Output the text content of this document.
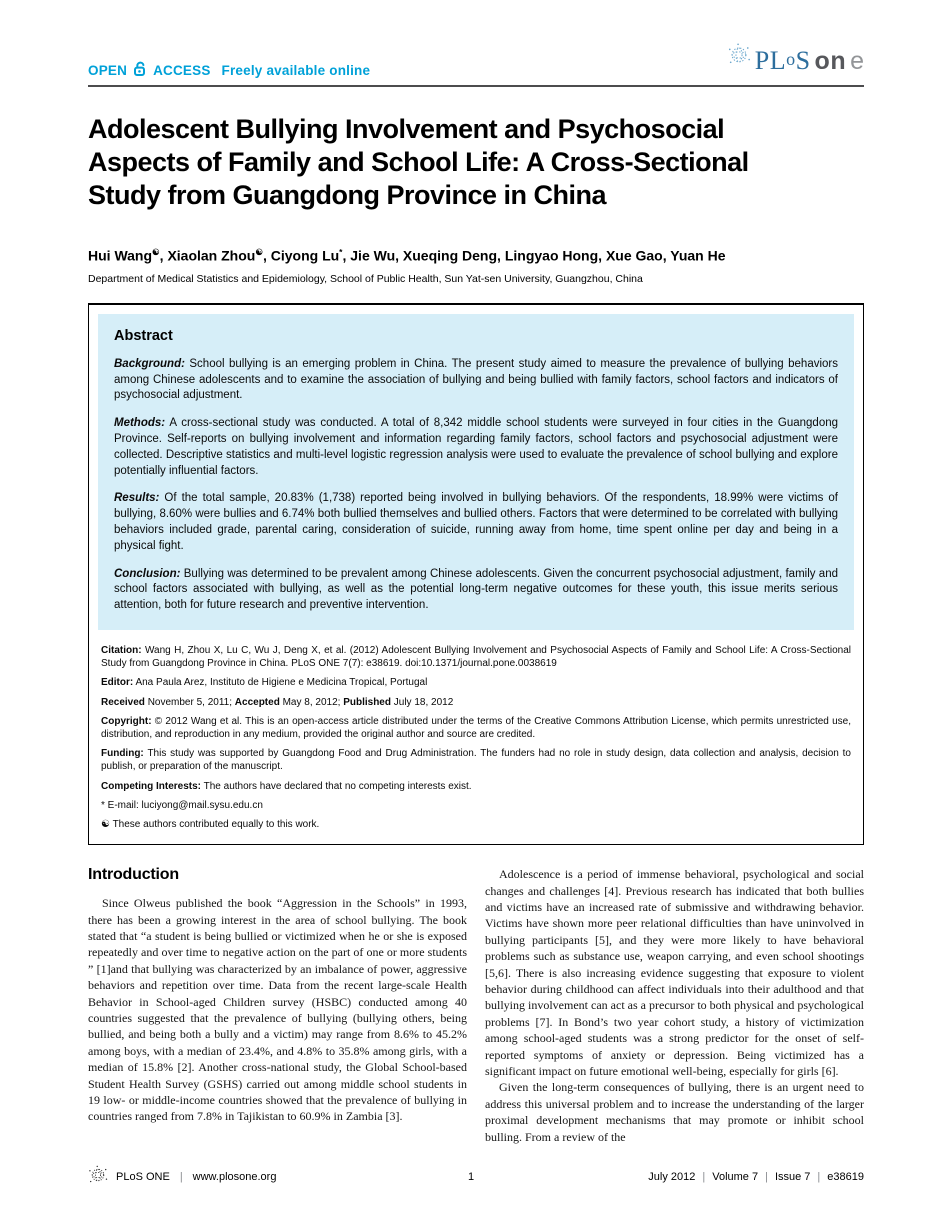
OPEN ACCESS Freely available online	PLoS on e
Adolescent Bullying Involvement and Psychosocial
Aspects of Family and School Life: A Cross-Sectional
Study from Guangdong Province in China
Hui Wang☯, Xiaolan Zhou☯, Ciyong Lu*, Jie Wu, Xueqing Deng, Lingyao Hong, Xue Gao, Yuan He
Department of Medical Statistics and Epidemiology, School of Public Health, Sun Yat-sen University, Guangzhou, China
Abstract

Background: School bullying is an emerging problem in China. The present study aimed to measure the prevalence of bullying behaviors among Chinese adolescents and to examine the association of bullying and being bullied with family factors, school factors and indicators of psychosocial adjustment.

Methods: A cross-sectional study was conducted. A total of 8,342 middle school students were surveyed in four cities in the Guangdong Province. Self-reports on bullying involvement and information regarding family factors, school factors and psychosocial adjustment were collected. Descriptive statistics and multi-level logistic regression analysis were used to evaluate the prevalence of school bullying and explore potentially influential factors.

Results: Of the total sample, 20.83% (1,738) reported being involved in bullying behaviors. Of the respondents, 18.99% were victims of bullying, 8.60% were bullies and 6.74% both bullied themselves and bullied others. Factors that were determined to be correlated with bullying behaviors included grade, parental caring, consideration of suicide, running away from home, time spent online per day and being in a physical fight.

Conclusion: Bullying was determined to be prevalent among Chinese adolescents. Given the concurrent psychosocial adjustment, family and school factors associated with bullying, as well as the potential long-term negative outcomes for these youth, this issue merits serious attention, both for future research and preventive intervention.

Citation: Wang H, Zhou X, Lu C, Wu J, Deng X, et al. (2012) Adolescent Bullying Involvement and Psychosocial Aspects of Family and School Life: A Cross-Sectional Study from Guangdong Province in China. PLoS ONE 7(7): e38619. doi:10.1371/journal.pone.0038619

Editor: Ana Paula Arez, Instituto de Higiene e Medicina Tropical, Portugal

Received November 5, 2011; Accepted May 8, 2012; Published July 18, 2012

Copyright: © 2012 Wang et al. This is an open-access article distributed under the terms of the Creative Commons Attribution License, which permits unrestricted use, distribution, and reproduction in any medium, provided the original author and source are credited.

Funding: This study was supported by Guangdong Food and Drug Administration. The funders had no role in study design, data collection and analysis, decision to publish, or preparation of the manuscript.

Competing Interests: The authors have declared that no competing interests exist.

* E-mail: luciyong@mail.sysu.edu.cn

☯ These authors contributed equally to this work.

Introduction

Since Olweus published the book “Aggression in the Schools” in 1993, there has been a growing interest in the area of school bullying. The book stated that “a student is being bullied or victimized when he or she is exposed repeatedly and over time to negative action on the part of one or more students ” [1]and that bullying was characterized by an imbalance of power, aggressive behaviors and repetition over time. Data from the recent large-scale Health Behavior in School-aged Children survey (HSBC) conducted among 40 countries suggested that the prevalence of bullying (bullying others, being bullied, and being both a bully and a victim) may range from 8.6% to 45.2% among boys, with a median of 23.4%, and 4.8% to 35.8% among girls, with a median of 15.8% [2]. Another cross-national study, the Global School-based Student Health Survey (GSHS) carried out among middle school students in 19 low- or middle-income countries showed that the prevalence of bullying in countries ranged from 7.8% in Tajikistan to 60.9% in Zambia [3].

Adolescence is a period of immense behavioral, psychological and social changes and challenges [4]. Previous research has indicated that both bullies and victims have an increased rate of submissive and withdrawing behavior. Victims have shown more peer relational difficulties than have uninvolved in bullying participants [5], and they were more likely to have behavioral problems such as substance use, weapon carrying, and even school shootings [5,6]. There is also increasing evidence suggesting that exposure to violent behavior during childhood can affect individuals into their adulthood and that bullying involvement can act as a precursor to both physical and psychological problems [7]. In Bond’s two year cohort study, a history of victimization among school-aged students was a strong predictor for the onset of self-reported symptoms of anxiety or depression. Being victimized has a significant impact on future emotional well-being, especially for girls [6].

Given the long-term consequences of bullying, there is an urgent need to address this universal problem and to increase the understanding of the larger proximal development mechanisms that may promote or inhibit school bulling. From a review of the

PLoS ONE | www.plosone.org	1	July 2012 | Volume 7 | Issue 7 | e38619
